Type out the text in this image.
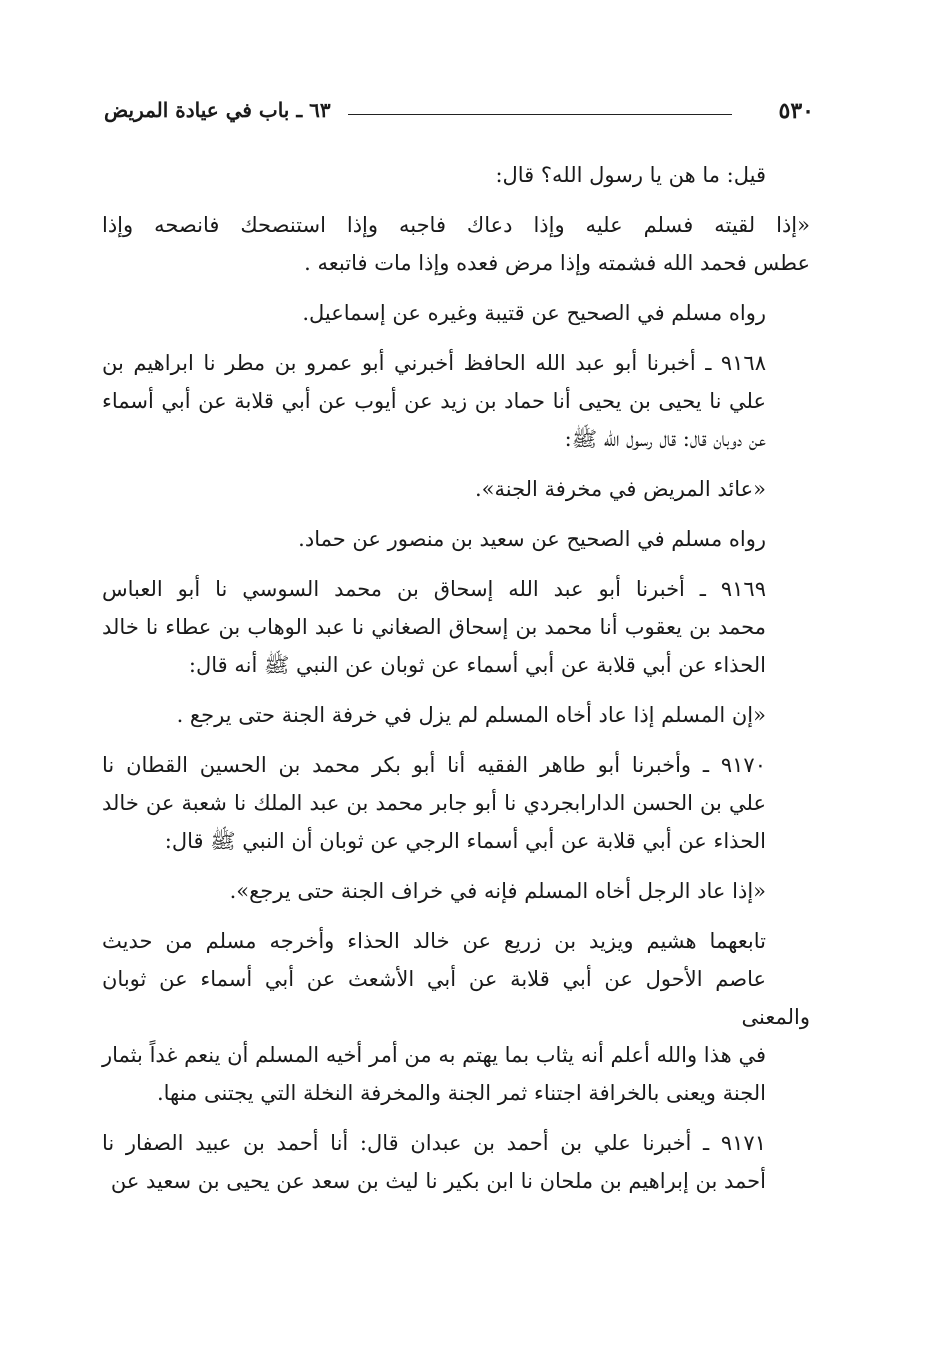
٥٣٠
٦٣ ـ باب في عيادة المريض

قيل: ما هن يا رسول الله؟ قال:

«إذا لقيته فسلم عليه وإذا دعاك فاجبه وإذا استنصحك فانصحه وإذا
عطس فحمد الله فشمته وإذا مرض فعده وإذا مات فاتبعه .

رواه مسلم في الصحيح عن قتيبة وغيره عن إسماعيل.

٩١٦٨ ـ أخبرنا أبو عبد الله الحافظ أخبرني أبو عمرو بن مطر نا ابراهيم بن
علي نا يحيى بن يحيى أنا حماد بن زيد عن أيوب عن أبي قلابة عن أبي أسماء
عن دوبان قال: قال رسول الله ﷺ:

«عائد المريض في مخرفة الجنة».

رواه مسلم في الصحيح عن سعيد بن منصور عن حماد.

٩١٦٩ ـ أخبرنا أبو عبد الله إسحاق بن محمد السوسي نا أبو العباس
محمد بن يعقوب أنا محمد بن إسحاق الصغاني نا عبد الوهاب بن عطاء نا خالد
الحذاء عن أبي قلابة عن أبي أسماء عن ثوبان عن النبي ﷺ أنه قال:

«إن المسلم إذا عاد أخاه المسلم لم يزل في خرفة الجنة حتى يرجع .

٩١٧٠ ـ وأخبرنا أبو طاهر الفقيه أنا أبو بكر محمد بن الحسين القطان نا
علي بن الحسن الدارابجردي نا أبو جابر محمد بن عبد الملك نا شعبة عن خالد
الحذاء عن أبي قلابة عن أبي أسماء الرجي عن ثوبان أن النبي ﷺ قال:

«إذا عاد الرجل أخاه المسلم فإنه في خراف الجنة حتى يرجع».

تابعهما هشيم ويزيد بن زريع عن خالد الحذاء وأخرجه مسلم من حديث
عاصم الأحول عن أبي قلابة عن أبي الأشعث عن أبي أسماء عن ثوبان والمعنى
في هذا والله أعلم أنه يثاب بما يهتم به من أمر أخيه المسلم أن ينعم غداً بثمار
الجنة ويعنى بالخرافة اجتناء ثمر الجنة والمخرفة النخلة التي يجتنى منها.

٩١٧١ ـ أخبرنا علي بن أحمد بن عبدان قال: أنا أحمد بن عبيد الصفار نا
أحمد بن إبراهيم بن ملحان نا ابن بكير نا ليث بن سعد عن يحيى بن سعيد عن
